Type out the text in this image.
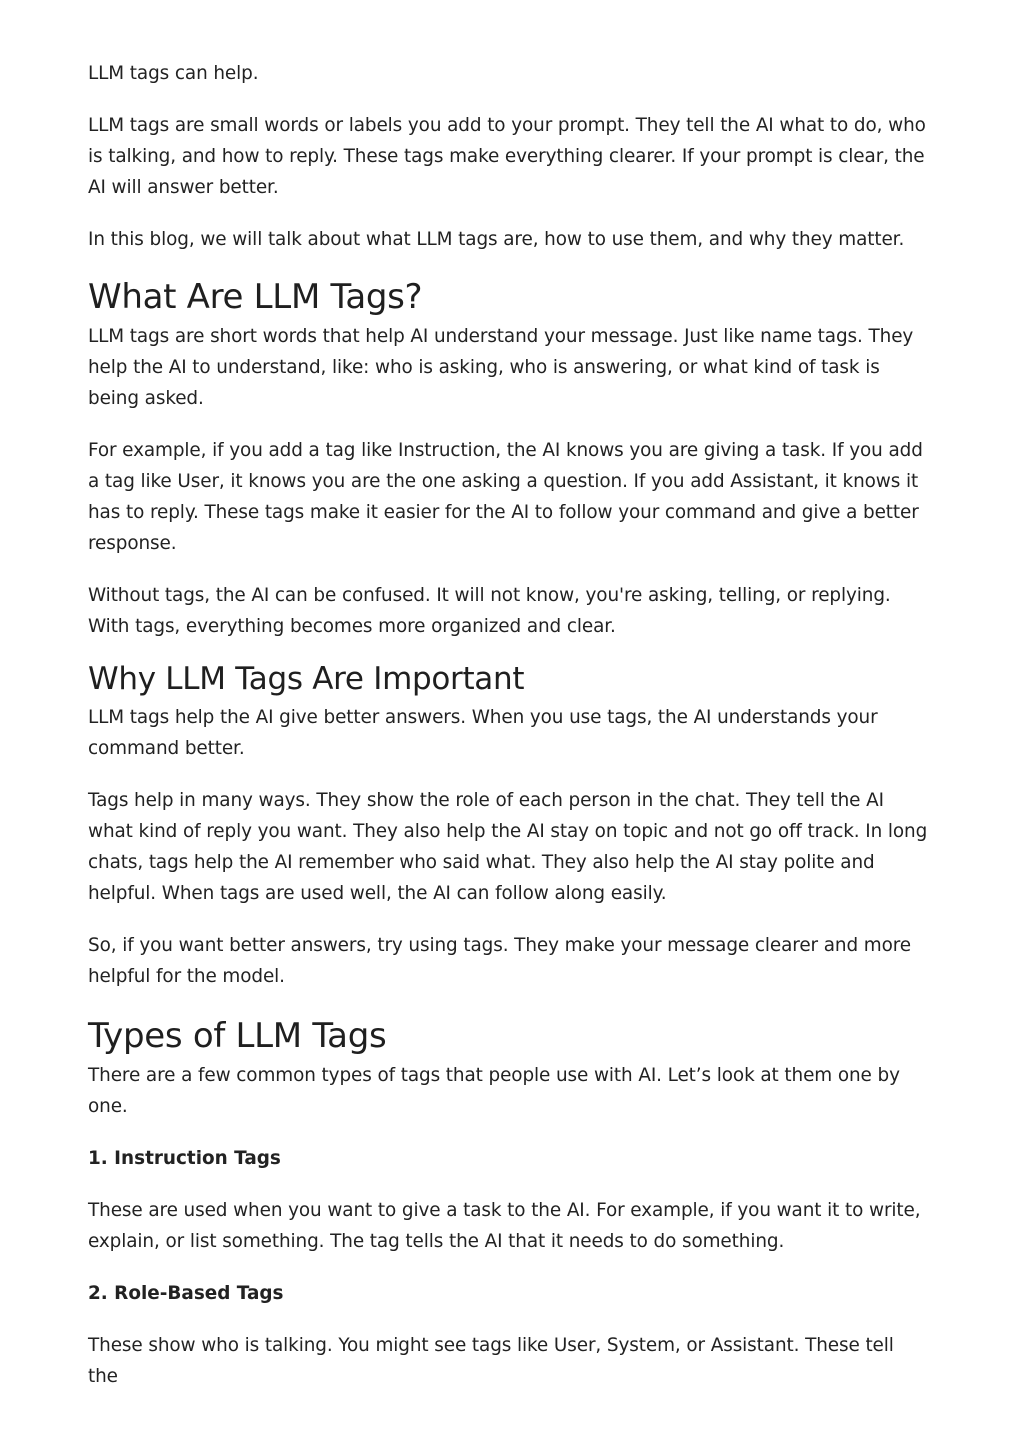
LLM tags can help.

LLM tags are small words or labels you add to your prompt. They tell the AI what to do, who is talking, and how to reply. These tags make everything clearer. If your prompt is clear, the AI will answer better.

In this blog, we will talk about what LLM tags are, how to use them, and why they matter.

What Are LLM Tags?

LLM tags are short words that help AI understand your message. Just like name tags. They help the AI to understand, like: who is asking, who is answering, or what kind of task is being asked.

For example, if you add a tag like Instruction, the AI knows you are giving a task. If you add a tag like User, it knows you are the one asking a question. If you add Assistant, it knows it has to reply. These tags make it easier for the AI to follow your command and give a better response.

Without tags, the AI can be confused. It will not know, you're asking, telling, or replying. With tags, everything becomes more organized and clear.

Why LLM Tags Are Important

LLM tags help the AI give better answers. When you use tags, the AI understands your command better.

Tags help in many ways. They show the role of each person in the chat. They tell the AI what kind of reply you want. They also help the AI stay on topic and not go off track. In long chats, tags help the AI remember who said what. They also help the AI stay polite and helpful. When tags are used well, the AI can follow along easily.

So, if you want better answers, try using tags. They make your message clearer and more helpful for the model.

Types of LLM Tags

There are a few common types of tags that people use with AI. Let’s look at them one by one.

1. Instruction Tags

These are used when you want to give a task to the AI. For example, if you want it to write, explain, or list something. The tag tells the AI that it needs to do something.

2. Role-Based Tags

These show who is talking. You might see tags like User, System, or Assistant. These tell the
